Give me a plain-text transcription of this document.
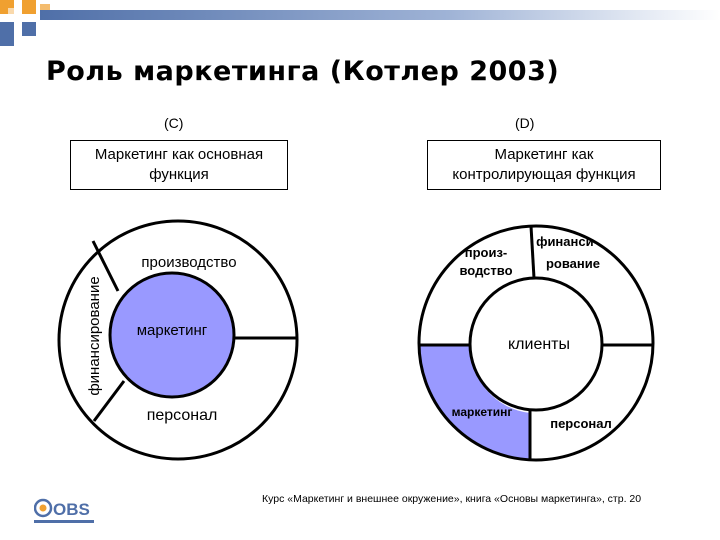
Роль маркетинга (Котлер 2003)
(C)	(D)
Маркетинг как основная
функция
Маркетинг как
контролирующая функция
маркетинг
производство
персонал
финансирование	клиенты
произ-
водство
финанси-
рование
маркетинг
персонал
OBS
Курс «Маркетинг и внешнее окружение», книга «Основы маркетинга», стр. 20
